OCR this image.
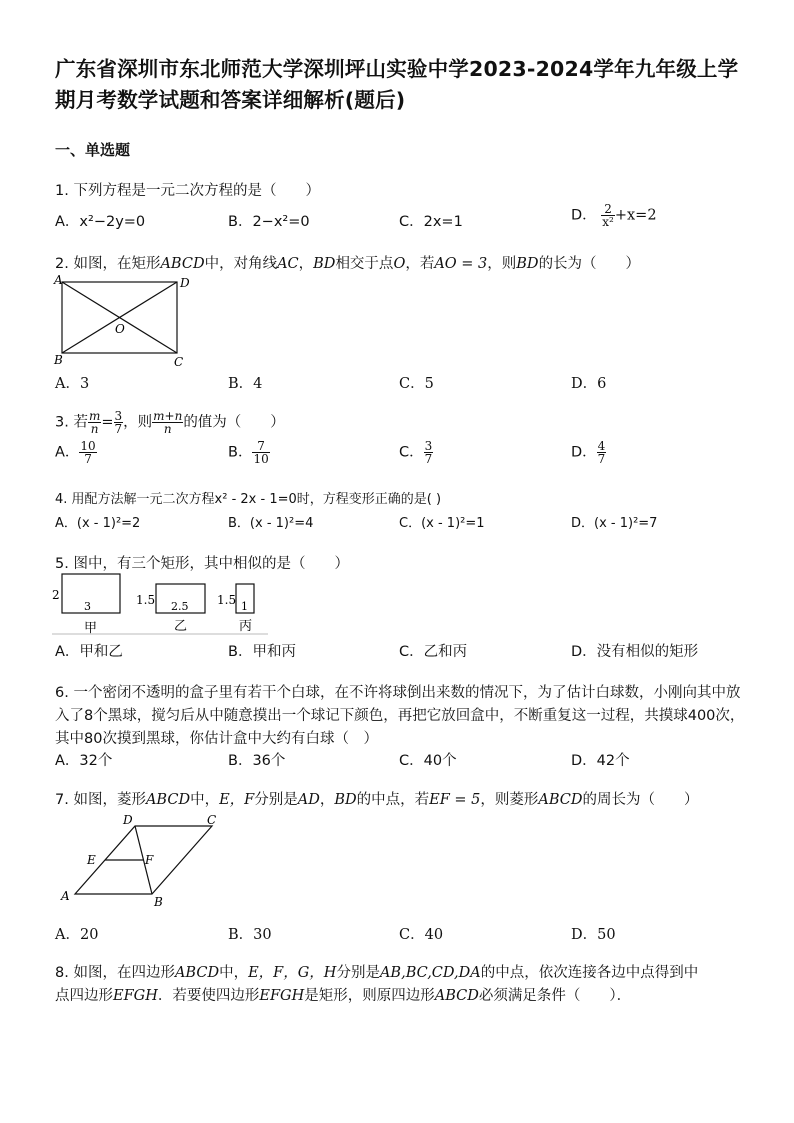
广东省深圳市东北师范大学深圳坪山实验中学2023-2024学年九年级上学期月考数学试题和答案详细解析(题后)
一、单选题
1. 下列方程是一元二次方程的是（　　）
A．x²−2y=0	B．2−x²=0	C．2x=1	D． $\frac{2}{\text{x²}} +x=2$
2. 如图，在矩形ABCD中，对角线AC，BD相交于点O，若AO = 3，则BD的长为（　　）
A	D
B	C
O
A．3	B．4	C．5	D．6
3. 若 $\frac{m}{n} = \frac{3}{7}$ ，则 $\frac{m+n}{n}$ 的值为（　　）
A． $\frac{10}{7}$	B． $\frac{7}{10}$	C． $\frac{3}{7}$	D． $\frac{4}{7}$
4. 用配方法解一元二次方程x² - 2x - 1=0时，方程变形正确的是( )
A．(x - 1)²=2	B．(x - 1)²=4	C．(x - 1)²=1	D．(x - 1)²=7
5. 图中，有三个矩形，其中相似的是（　　）
2
3
甲
1.5 2.5
乙
1.5 1
丙
A．甲和乙	B．甲和丙	C．乙和丙	D．没有相似的矩形
6. 一个密闭不透明的盒子里有若干个白球，在不许将球倒出来数的情况下，为了估计白球数，小刚向其中放入了8个黑球，搅匀后从中随意摸出一个球记下颜色，再把它放回盒中，不断重复这一过程，共摸球400次，其中80次摸到黑球，你估计盒中大约有白球（　）
A．32个	B．36个	C．40个	D．42个
7. 如图，菱形ABCD中，E，F分别是AD，BD的中点，若EF = 5，则菱形ABCD的周长为（　　）
D	C
E	F
A	B
A．20	B．30	C．40	D．50
8. 如图，在四边形ABCD中，E，F，G，H分别是AB,BC,CD,DA的中点，依次连接各边中点得到中
点四边形EFGH．若要使四边形EFGH是矩形，则原四边形ABCD必须满足条件（　　）．
